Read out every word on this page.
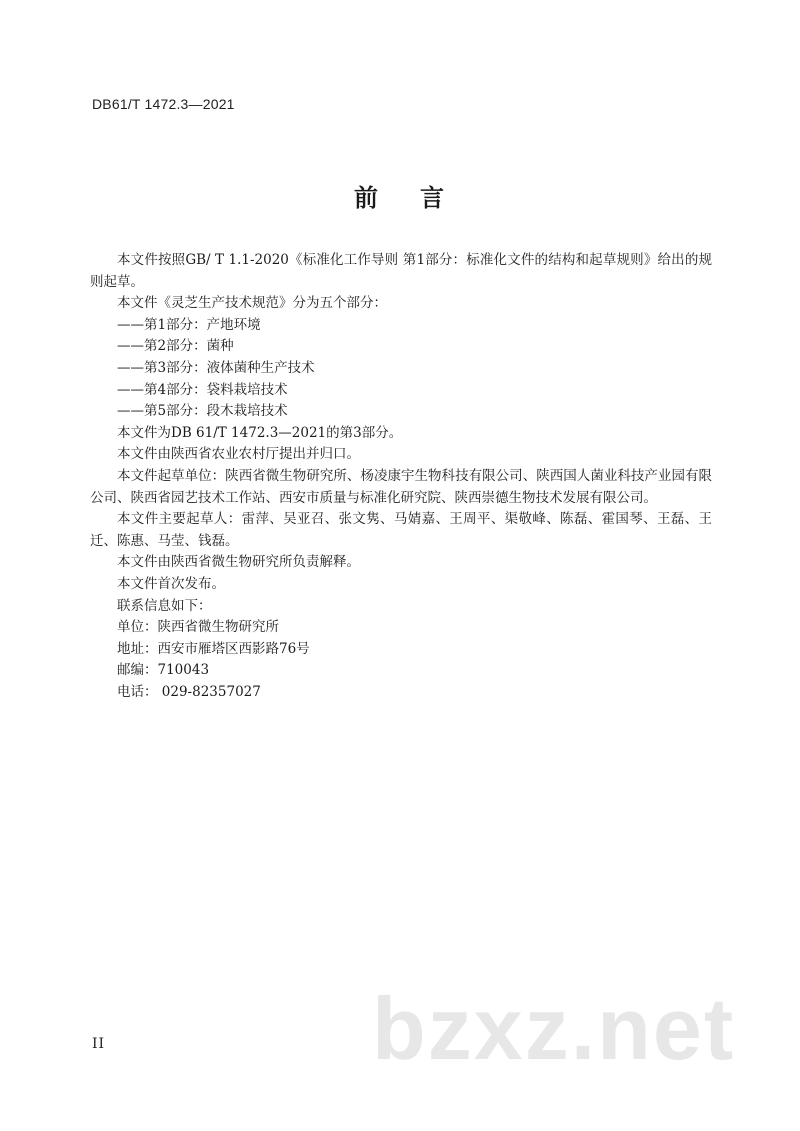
DB61/T 1472.3—2021
前 言

本文件按照GB/ T 1.1-2020《标准化工作导则 第1部分：标准化文件的结构和起草规则》给出的规则起草。

本文件《灵芝生产技术规范》分为五个部分：

——第1部分：产地环境

——第2部分：菌种

——第3部分：液体菌种生产技术

——第4部分：袋料栽培技术

——第5部分：段木栽培技术

本文件为DB 61/T 1472.3—2021的第3部分。

本文件由陕西省农业农村厅提出并归口。

本文件起草单位：陕西省微生物研究所、杨凌康宇生物科技有限公司、陕西国人菌业科技产业园有限公司、陕西省园艺技术工作站、西安市质量与标准化研究院、陕西崇德生物技术发展有限公司。

本文件主要起草人：雷萍、吴亚召、张文隽、马婧嘉、王周平、渠敬峰、陈磊、霍国琴、王磊、王迁、陈惠、马莹、钱磊。

本文件由陕西省微生物研究所负责解释。

本文件首次发布。

联系信息如下：

单位：陕西省微生物研究所

地址：西安市雁塔区西影路76号

邮编：710043

电话： 029-82357027

bzxz.net
II
